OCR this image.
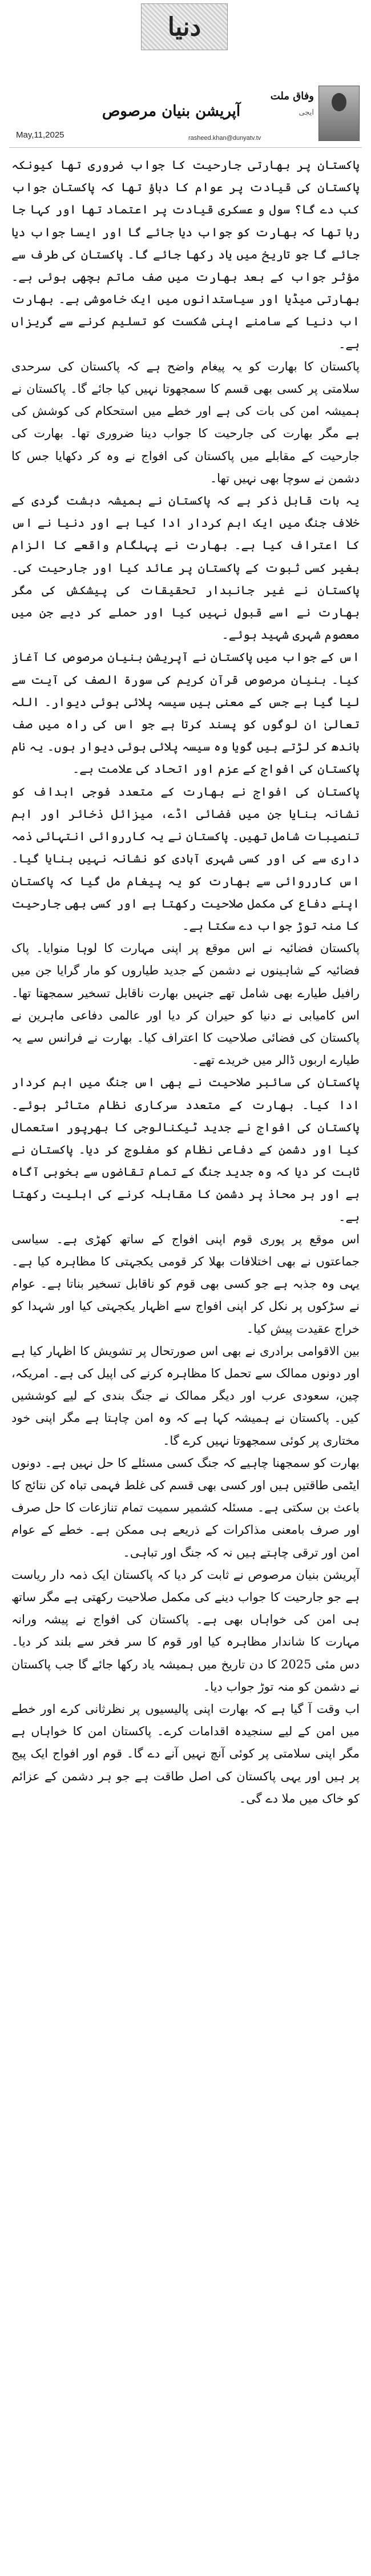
دنیا
وفاق ملت
ایجی
آپریشن بنیان مرصوص
May,11,2025	rasheed.khan@dunyatv.tv

پاکستان پر بھارتی جارحیت کا جواب ضروری تھا کیونکہ پاکستان کی قیادت پر عوام کا دباؤ تھا کہ پاکستان جواب کب دے گا؟ سول و عسکری قیادت پر اعتماد تھا اور کہا جا رہا تھا کہ بھارت کو جواب دیا جائے گا اور ایسا جواب دیا جائے گا جو تاریخ میں یاد رکھا جائے گا۔ پاکستان کی طرف سے مؤثر جواب کے بعد بھارت میں صف ماتم بچھی ہوئی ہے۔ بھارتی میڈیا اور سیاستدانوں میں ایک خاموشی ہے۔ بھارت اب دنیا کے سامنے اپنی شکست کو تسلیم کرنے سے گریزاں ہے۔

پاکستان کا بھارت کو یہ پیغام واضح ہے کہ پاکستان کی سرحدی سلامتی پر کسی بھی قسم کا سمجھوتا نہیں کیا جائے گا۔ پاکستان نے ہمیشہ امن کی بات کی ہے اور خطے میں استحکام کی کوشش کی ہے مگر بھارت کی جارحیت کا جواب دینا ضروری تھا۔ بھارت کی جارحیت کے مقابلے میں پاکستان کی افواج نے وہ کر دکھایا جس کا دشمن نے سوچا بھی نہیں تھا۔

یہ بات قابل ذکر ہے کہ پاکستان نے ہمیشہ دہشت گردی کے خلاف جنگ میں ایک اہم کردار ادا کیا ہے اور دنیا نے اس کا اعتراف کیا ہے۔ بھارت نے پہلگام واقعے کا الزام بغیر کسی ثبوت کے پاکستان پر عائد کیا اور جارحیت کی۔ پاکستان نے غیر جانبدار تحقیقات کی پیشکش کی مگر بھارت نے اسے قبول نہیں کیا اور حملے کر دیے جن میں معصوم شہری شہید ہوئے۔

اس کے جواب میں پاکستان نے آپریشن بنیان مرصوص کا آغاز کیا۔ بنیان مرصوص قرآن کریم کی سورۃ الصف کی آیت سے لیا گیا ہے جس کے معنی ہیں سیسہ پلائی ہوئی دیوار۔ اللہ تعالیٰ ان لوگوں کو پسند کرتا ہے جو اس کی راہ میں صف باندھ کر لڑتے ہیں گویا وہ سیسہ پلائی ہوئی دیوار ہوں۔ یہ نام پاکستان کی افواج کے عزم اور اتحاد کی علامت ہے۔

پاکستان کی افواج نے بھارت کے متعدد فوجی اہداف کو نشانہ بنایا جن میں فضائی اڈے، میزائل ذخائر اور اہم تنصیبات شامل تھیں۔ پاکستان نے یہ کارروائی انتہائی ذمہ داری سے کی اور کسی شہری آبادی کو نشانہ نہیں بنایا گیا۔ اس کارروائی سے بھارت کو یہ پیغام مل گیا کہ پاکستان اپنے دفاع کی مکمل صلاحیت رکھتا ہے اور کسی بھی جارحیت کا منہ توڑ جواب دے سکتا ہے۔

پاکستان فضائیہ نے اس موقع پر اپنی مہارت کا لوہا منوایا۔ پاک فضائیہ کے شاہینوں نے دشمن کے جدید طیاروں کو مار گرایا جن میں رافیل طیارے بھی شامل تھے جنہیں بھارت ناقابل تسخیر سمجھتا تھا۔ اس کامیابی نے دنیا کو حیران کر دیا اور عالمی دفاعی ماہرین نے پاکستان کی فضائی صلاحیت کا اعتراف کیا۔ بھارت نے فرانس سے یہ طیارے اربوں ڈالر میں خریدے تھے۔

پاکستان کی سائبر صلاحیت نے بھی اس جنگ میں اہم کردار ادا کیا۔ بھارت کے متعدد سرکاری نظام متاثر ہوئے۔ پاکستان کی افواج نے جدید ٹیکنالوجی کا بھرپور استعمال کیا اور دشمن کے دفاعی نظام کو مفلوج کر دیا۔ پاکستان نے ثابت کر دیا کہ وہ جدید جنگ کے تمام تقاضوں سے بخوبی آگاہ ہے اور ہر محاذ پر دشمن کا مقابلہ کرنے کی اہلیت رکھتا ہے۔

اس موقع پر پوری قوم اپنی افواج کے ساتھ کھڑی ہے۔ سیاسی جماعتوں نے بھی اختلافات بھلا کر قومی یکجہتی کا مظاہرہ کیا ہے۔ یہی وہ جذبہ ہے جو کسی بھی قوم کو ناقابل تسخیر بناتا ہے۔ عوام نے سڑکوں پر نکل کر اپنی افواج سے اظہار یکجہتی کیا اور شہدا کو خراج عقیدت پیش کیا۔

بین الاقوامی برادری نے بھی اس صورتحال پر تشویش کا اظہار کیا ہے اور دونوں ممالک سے تحمل کا مظاہرہ کرنے کی اپیل کی ہے۔ امریکہ، چین، سعودی عرب اور دیگر ممالک نے جنگ بندی کے لیے کوششیں کیں۔ پاکستان نے ہمیشہ کہا ہے کہ وہ امن چاہتا ہے مگر اپنی خود مختاری پر کوئی سمجھوتا نہیں کرے گا۔

بھارت کو سمجھنا چاہیے کہ جنگ کسی مسئلے کا حل نہیں ہے۔ دونوں ایٹمی طاقتیں ہیں اور کسی بھی قسم کی غلط فہمی تباہ کن نتائج کا باعث بن سکتی ہے۔ مسئلہ کشمیر سمیت تمام تنازعات کا حل صرف اور صرف بامعنی مذاکرات کے ذریعے ہی ممکن ہے۔ خطے کے عوام امن اور ترقی چاہتے ہیں نہ کہ جنگ اور تباہی۔

آپریشن بنیان مرصوص نے ثابت کر دیا کہ پاکستان ایک ذمہ دار ریاست ہے جو جارحیت کا جواب دینے کی مکمل صلاحیت رکھتی ہے مگر ساتھ ہی امن کی خواہاں بھی ہے۔ پاکستان کی افواج نے پیشہ ورانہ مہارت کا شاندار مظاہرہ کیا اور قوم کا سر فخر سے بلند کر دیا۔ دس مئی 2025 کا دن تاریخ میں ہمیشہ یاد رکھا جائے گا جب پاکستان نے دشمن کو منہ توڑ جواب دیا۔

اب وقت آ گیا ہے کہ بھارت اپنی پالیسیوں پر نظرثانی کرے اور خطے میں امن کے لیے سنجیدہ اقدامات کرے۔ پاکستان امن کا خواہاں ہے مگر اپنی سلامتی پر کوئی آنچ نہیں آنے دے گا۔ قوم اور افواج ایک پیج پر ہیں اور یہی پاکستان کی اصل طاقت ہے جو ہر دشمن کے عزائم کو خاک میں ملا دے گی۔
